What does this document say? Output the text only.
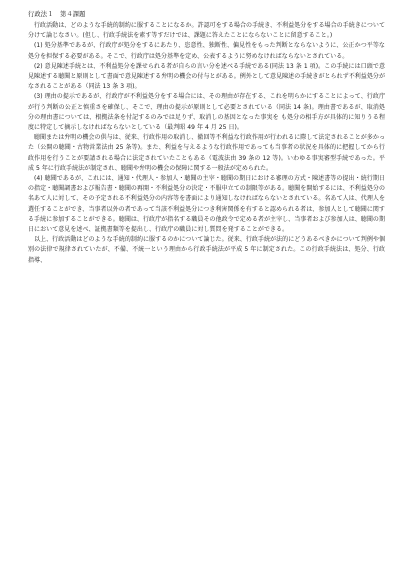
行政法１　第４課題

行政活動は、どのような手続的制約に服することになるか。許認可をする場合の手続き、不利益処分をする場合の手続きについて分けて論じなさい。(但し、行政手続法を素す等すだけでは、課題に答えたことにならないことに留意すること。)

(1) 処分基準であるが、行政庁が処分をするにあたり、恣意性、独断性、偏見性をもった判断とならないように、公正かつ平等な処分を担保する必要がある。そこで、行政庁は処分基準を定め、公表するように努めなければならないとされている。

(2) 意見陳述手続とは、不利益処分を課せられる者が自らの言い分を述べる手続である(同法 13 条 1 項)。この手続には口頭で意見陳述する聴聞と原則として書面で意見陳述する弁明の機会の付与とがある。例外として意見陳述の手続きがとられず不利益処分がなされることがある（同法 13 条 3 項)。

(3) 理由の提示であるが、行政庁が不利益処分をする場合には、その理由が存在する、これを明らかにすることによって、行政庁が行う判断の公正と慎重さを確保し、そこで、理由の提示が原則として必要とされている（同法 14 条)。理由書であるが、取消処分の理由書については、根拠法条を付記するのみでは足りず、取消しの基因となった事実を も処分の相手方が具体的に知りうる程度に特定して摘示しなければならないとしている（最判昭 49 年 4 月 25 日)。

聴聞または弁明の機会の供与は、従来、行政作用の取消し、撤回等不利益な行政作用が行われるに際して法定されることが多かった（公開の聴聞・古物営業法由 25 条等)。また、利益を与えるような行政作用であっても当事者の状況を具体的に把握してから行政作用を行うことが要請される場合に法定されていたこともある（電波法由 39 条の 12 等)。いわゆる事実審型手続であった。平成 5 年に行政手続法が制定され、聴聞や弁明の機会の保障に関する一般法が定められた。

(4) 聴聞であるが、これには、通知・代理人・参加人・聴聞の主宰・聴聞の期日における審理の方式・陳述書等の提出・続行期日の指定・聴聞調書および報告書・聴聞の再開・不利益処分の決定・不服申立ての制限等がある。聴聞を開始するには、不利益処分の名あて人に対して、その予定される不利益処分の内容等を書面により通知しなければならないとされている。名あて人は、代理人を選任することができ、当事者以外の者であって当該不利益処分につき利害関係を有すると認められる者は、参加人として聴聞に関する手続に参加することができる。聴聞は、行政庁が指名する職員その他政令で定める者が主宰し、当事者および参加人は、聴聞の期日において意見を述べ、証拠書類等を提出し、行政庁の職員に対し質問を発することができる。

以上、行政活動はどのような手続的制約に服するのかについて論じた。従来、行政手続が法的にどうあるべきかについて判例や個別の法律で規律されていたが、不備、不統一という理由から行政手続法が平成 5 年に制定された。この行政手続法は、処分、行政指導、
